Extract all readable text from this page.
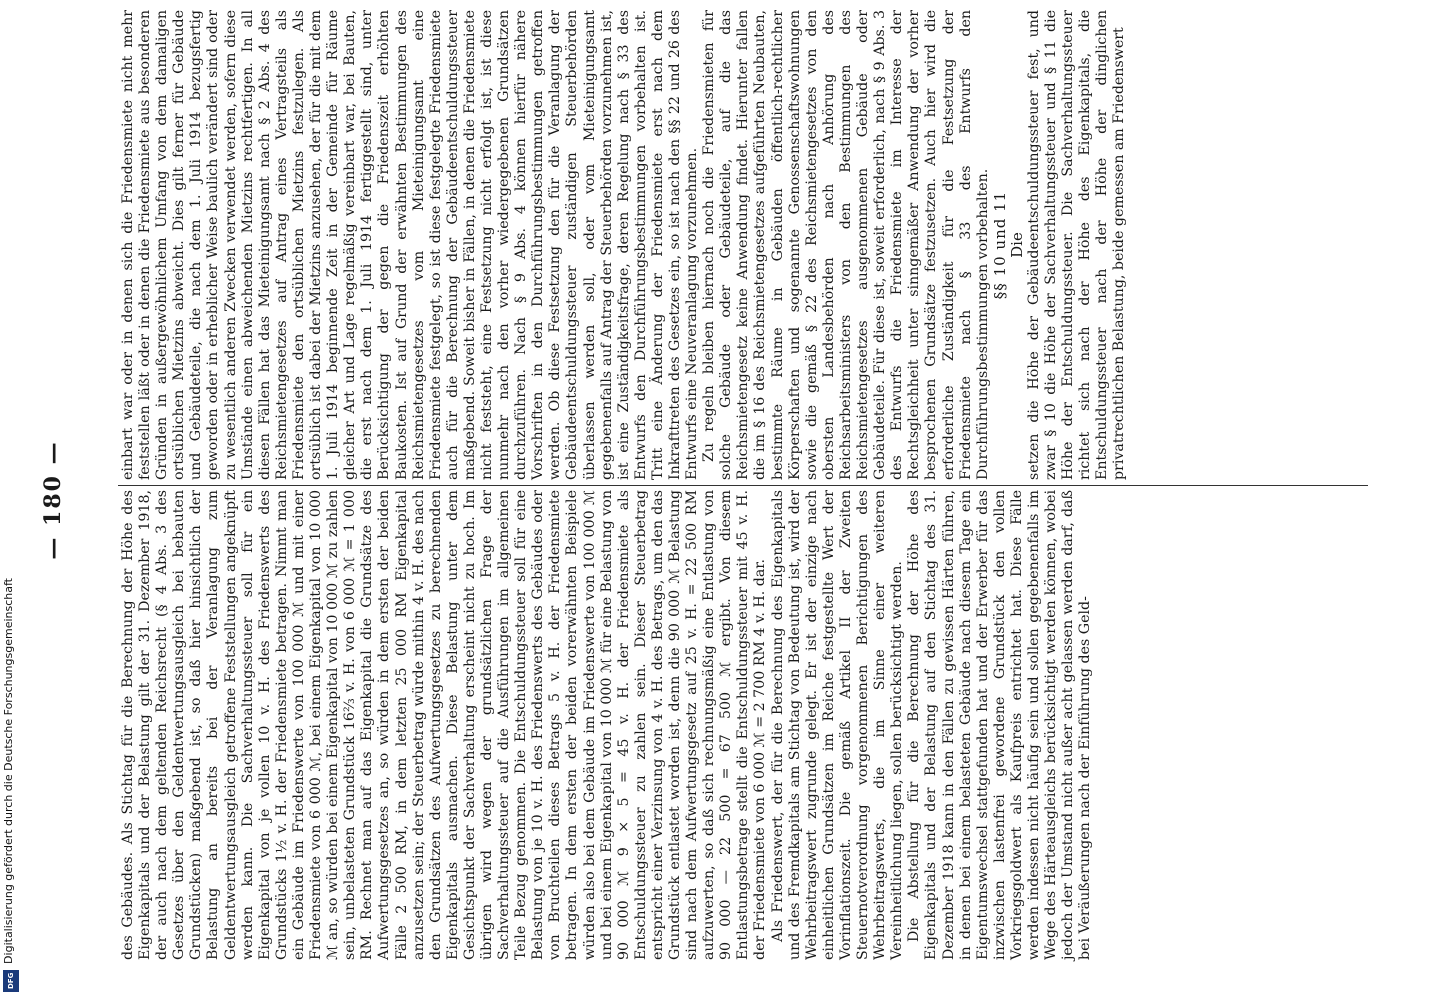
— 180 —	des Gebäudes. Als Stichtag für die Berechnung der Höhe des Eigenkapitals und der Belastung gilt der 31. Dezember 1918, der auch nach dem geltenden Reichsrecht (§ 4 Abs. 3 des Gesetzes über den Geldentwertungsausgleich bei bebauten Grundstücken) maßgebend ist, so daß hier hinsichtlich der Belastung an bereits bei der Veranlagung zum Geldentwertungsausgleich getroffene Feststellungen angeknüpft werden kann. Die Sachverhaltungssteuer soll für ein Eigenkapital von je vollen 10 v. H. des Friedenswerts des Grundstücks 1½ v. H. der Friedensmiete betragen. Nimmt man ein Gebäude im Friedenswerte von 100 000 ℳ und mit einer Friedensmiete von 6 000 ℳ, bei einem Eigenkapital von 10 000 ℳ an, so würden bei einem Eigenkapital von 10 000 ℳ zu zahlen sein, unbelasteten Grundstück 16⅔ v. H. von 6 000 ℳ = 1 000 RM. Rechnet man auf das Eigenkapital die Grundsätze des Aufwertungsgesetzes an, so würden in dem ersten der beiden Fälle 2 500 RM, in dem letzten 25 000 RM Eigenkapital anzusetzen sein; der Steuerbetrag würde mithin 4 v. H. des nach den Grundsätzen des Aufwertungsgesetzes zu berechnenden Eigenkapitals ausmachen. Diese Belastung unter dem Gesichtspunkt der Sachverhaltung erscheint nicht zu hoch. Im übrigen wird wegen der grundsätzlichen Frage der Sachverhaltungssteuer auf die Ausführungen im allgemeinen Teile Bezug genommen. Die Entschuldungssteuer soll für eine Belastung von je 10 v. H. des Friedenswerts des Gebäudes oder von Bruchteilen dieses Betrags 5 v. H. der Friedensmiete betragen. In dem ersten der beiden vorerwähnten Beispiele würden also bei dem Gebäude im Friedenswerte von 100 000 ℳ und bei einem Eigenkapital von 10 000 ℳ für eine Belastung von 90 000 ℳ 9 × 5 = 45 v. H. der Friedensmiete als Entschuldungssteuer zu zahlen sein. Dieser Steuerbetrag entspricht einer Verzinsung von 4 v. H. des Betrags, um den das Grundstück entlastet worden ist, denn die 90 000 ℳ Belastung sind nach dem Aufwertungsgesetz auf 25 v. H. = 22 500 RM aufzuwerten, so daß sich rechnungsmäßig eine Entlastung von 90 000 — 22 500 = 67 500 ℳ ergibt. Von diesem Entlastungsbetrage stellt die Entschuldungssteuer mit 45 v. H. der Friedensmiete von 6 000 ℳ = 2 700 RM 4 v. H. dar. Als Friedenswert, der für die Berechnung des Eigenkapitals und des Fremdkapitals am Stichtag von Bedeutung ist, wird der Wehrbeitragswert zugrunde gelegt. Er ist der einzige nach einheitlichen Grundsätzen im Reiche festgestellte Wert der Vorinflationszeit. Die gemäß Artikel II der Zweiten Steuernotverordnung vorgenommenen Berichtigungen des Wehrbeitragswerts, die im Sinne einer weiteren Vereinheitlichung liegen, sollen berücksichtigt werden. Die Abstellung für die Berechnung der Höhe des Eigenkapitals und der Belastung auf den Stichtag des 31. Dezember 1918 kann in den Fällen zu gewissen Härten führen, in denen bei einem belasteten Gebäude nach diesem Tage ein Eigentumswechsel stattgefunden hat und der Erwerber für das inzwischen lastenfrei gewordene Grundstück den vollen Vorkriegsgoldwert als Kaufpreis entrichtet hat. Diese Fälle werden indessen nicht häufig sein und sollen gegebenenfalls im Wege des Härteausgleichs berücksichtigt werden können, wobei jedoch der Umstand nicht außer acht gelassen werden darf, daß bei Veräußerungen nach der Einführung des Geld-

einbart war oder in denen sich die Friedensmiete nicht mehr feststellen läßt oder in denen die Friedensmiete aus besonderen Gründen in außergewöhnlichem Umfang von dem damaligen ortsüblichen Mietzins abweicht. Dies gilt ferner für Gebäude und Gebäudeteile, die nach dem 1. Juli 1914 bezugsfertig geworden oder in erheblicher Weise baulich verändert sind oder zu wesentlich anderen Zwecken verwendet werden, sofern diese Umstände einen abweichenden Mietzins rechtfertigen. In all diesen Fällen hat das Mieteinigungsamt nach § 2 Abs. 4 des Reichsmietengesetzes auf Antrag eines Vertragsteils als Friedensmiete den ortsüblichen Mietzins festzulegen. Als ortsüblich ist dabei der Mietzins anzusehen, der für die mit dem 1. Juli 1914 beginnende Zeit in der Gemeinde für Räume gleicher Art und Lage regelmäßig vereinbart war, bei Bauten, die erst nach dem 1. Juli 1914 fertiggestellt sind, unter Berücksichtigung der gegen die Friedenszeit erhöhten Baukosten. Ist auf Grund der erwähnten Bestimmungen des Reichsmietengesetzes vom Mieteinigungsamt eine Friedensmiete festgelegt, so ist diese festgelegte Friedensmiete auch für die Berechnung der Gebäudeentschuldungssteuer maßgebend. Soweit bisher in Fällen, in denen die Friedensmiete nicht feststeht, eine Festsetzung nicht erfolgt ist, ist diese nunmehr nach den vorher wiedergegebenen Grundsätzen durchzuführen. Nach § 9 Abs. 4 können hierfür nähere Vorschriften in den Durchführungsbestimmungen getroffen werden. Ob diese Festsetzung den für die Veranlagung der Gebäudeentschuldungssteuer zuständigen Steuerbehörden überlassen werden soll, oder vom Mieteinigungsamt gegebenenfalls auf Antrag der Steuerbehörden vorzunehmen ist, ist eine Zuständigkeitsfrage, deren Regelung nach § 33 des Entwurfs den Durchführungsbestimmungen vorbehalten ist. Tritt eine Änderung der Friedensmiete erst nach dem Inkrafttreten des Gesetzes ein, so ist nach den §§ 22 und 26 des Entwurfs eine Neuveranlagung vorzunehmen. Zu regeln bleiben hiernach noch die Friedensmieten für solche Gebäude oder Gebäudeteile, auf die das Reichsmietengesetz keine Anwendung findet. Hierunter fallen die im § 16 des Reichsmietengesetzes aufgeführten Neubauten, bestimmte Räume in Gebäuden öffentlich-rechtlicher Körperschaften und sogenannte Genossenschaftswohnungen sowie die gemäß § 22 des Reichsmietengesetzes von den obersten Landesbehörden nach Anhörung des Reichsarbeitsministers von den Bestimmungen des Reichsmietengesetzes ausgenommenen Gebäude oder Gebäudeteile. Für diese ist, soweit erforderlich, nach § 9 Abs. 3 des Entwurfs die Friedensmiete im Interesse der Rechtsgleichheit unter sinngemäßer Anwendung der vorher besprochenen Grundsätze festzusetzen. Auch hier wird die erforderliche Zuständigkeit für die Festsetzung der Friedensmiete nach § 33 des Entwurfs den Durchführungsbestimmungen vorbehalten. §§ 10 und 11 Die setzen die Höhe der Gebäudeentschuldungssteuer fest, und zwar § 10 die Höhe der Sachverhaltungssteuer und § 11 die Höhe der Entschuldungssteuer. Die Sachverhaltungssteuer richtet sich nach der Höhe des Eigenkapitals, die Entschuldungssteuer nach der Höhe der dinglichen privatrechtlichen Belastung, beide gemessen am Friedenswert

Digitalisierung gefördert durch die Deutsche Forschungsgemeinschaft
DFG
